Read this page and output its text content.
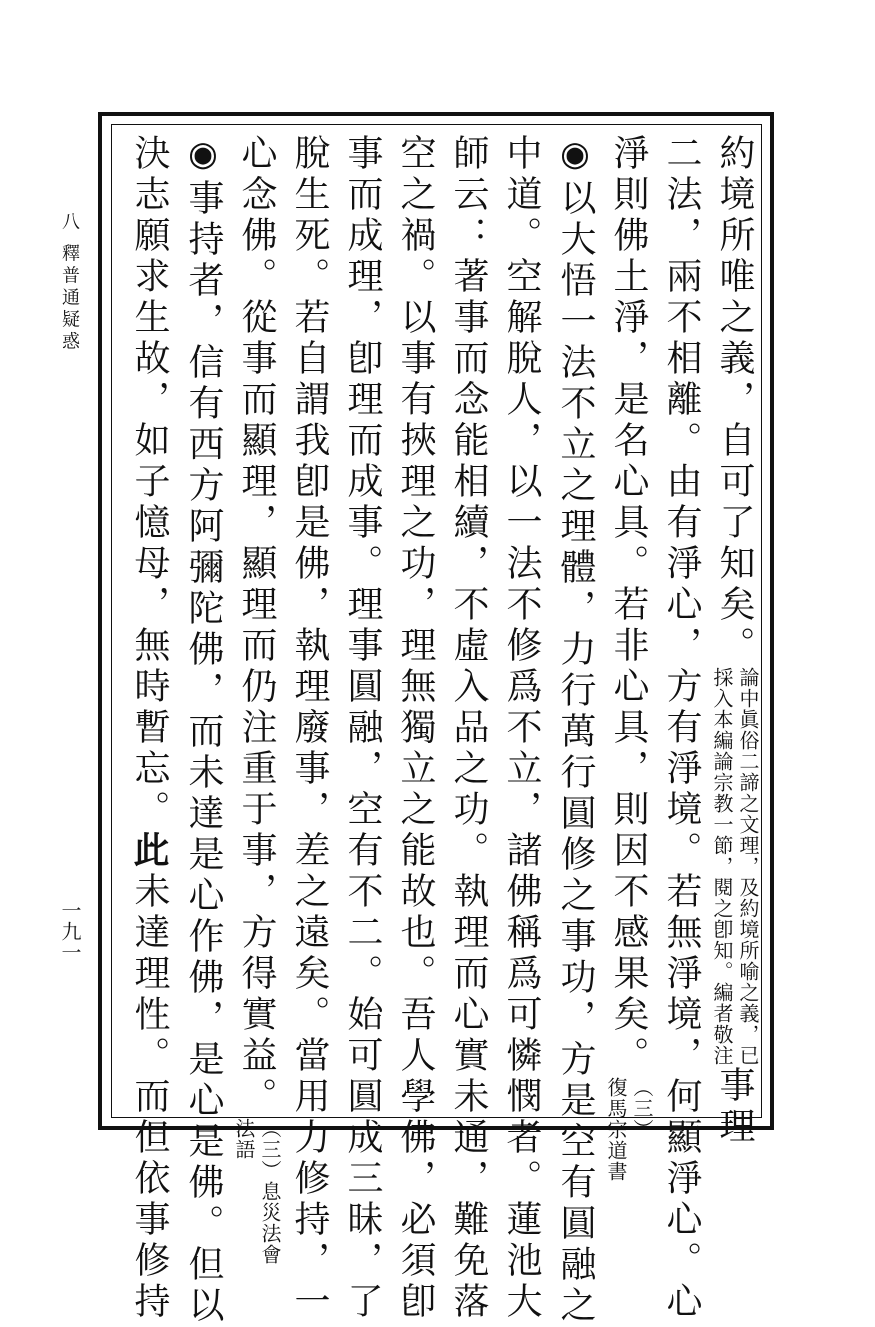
八 釋普通疑惑
一九一
約境所唯之義，自可了知矣。
論中眞俗二諦之文理，及約境所喻之義，已
採入本編論宗教一節，閱之卽知。編者敬注
事理
二法，兩不相離。由有淨心，方有淨境。若無淨境，何顯淨心。心
淨則佛土淨，是名心具。若非心具，則因不感果矣。
（三）
復馬宗道書
◉以大悟一法不立之理體，力行萬行圓修之事功，方是空有圓融之
中道。空解脫人，以一法不修爲不立，諸佛稱爲可憐憫者。蓮池大
師云：著事而念能相續，不虛入品之功。執理而心實未通，難免落
空之禍。以事有挾理之功，理無獨立之能故也。吾人學佛，必須卽
事而成理，卽理而成事。理事圓融，空有不二。始可圓成三昧，了
脫生死。若自謂我卽是佛，執理廢事，差之遠矣。當用力修持，一
心念佛。從事而顯理，顯理而仍注重于事，方得實益。
（三）息災法會
法語
◉事持者，信有西方阿彌陀佛，而未達是心作佛，是心是佛。但以
決志願求生故，如子憶母，無時暫忘。此未達理性。而但依事修持
